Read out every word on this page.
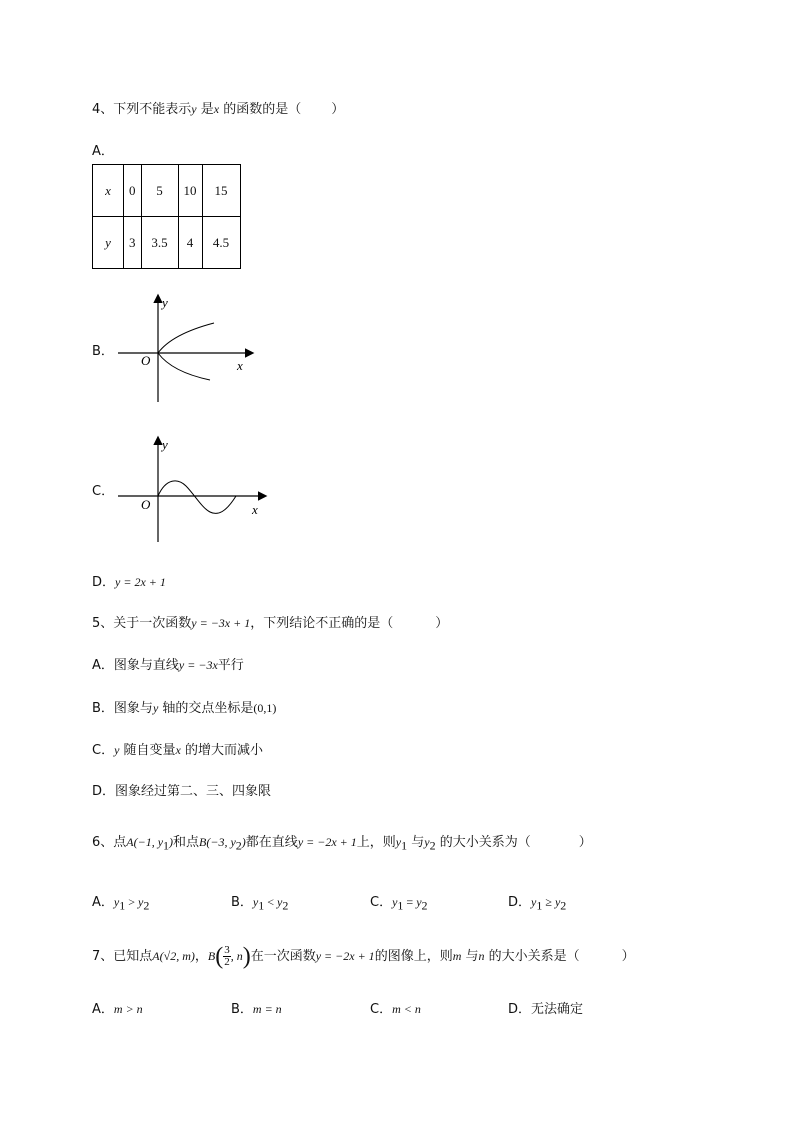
4、下列不能表示y 是x 的函数的是（ ）
A．
x	0	5	10	15
y	3	3.5	4	4.5
B．
y
x
O
C．
y
x
O
D．y = 2x + 1
5、关于一次函数y = −3x + 1，下列结论不正确的是（	）
A．图象与直线y = −3x平行
B．图象与y 轴的交点坐标是(0,1)
C．y 随自变量x 的增大而减小
D．图象经过第二、三、四象限
6、点A(−1, $y_1$)和点B(−3, $y_2$)都在直线y = −2x + 1上，则$y_1$ 与$y_2$ 的大小关系为（	）
A．$y_1 > y_2$	B．$y_1 < y_2$	C．$y_1 = y_2$	D．$y_1 \ge y_2$
7、已知点A(√2, m)，$B( \frac{3}{2}$ , n)在一次函数y = −2x + 1的图像上，则m 与n 的大小关系是（	）
A．m > n	B．m = n	C．m < n	D．无法确定
